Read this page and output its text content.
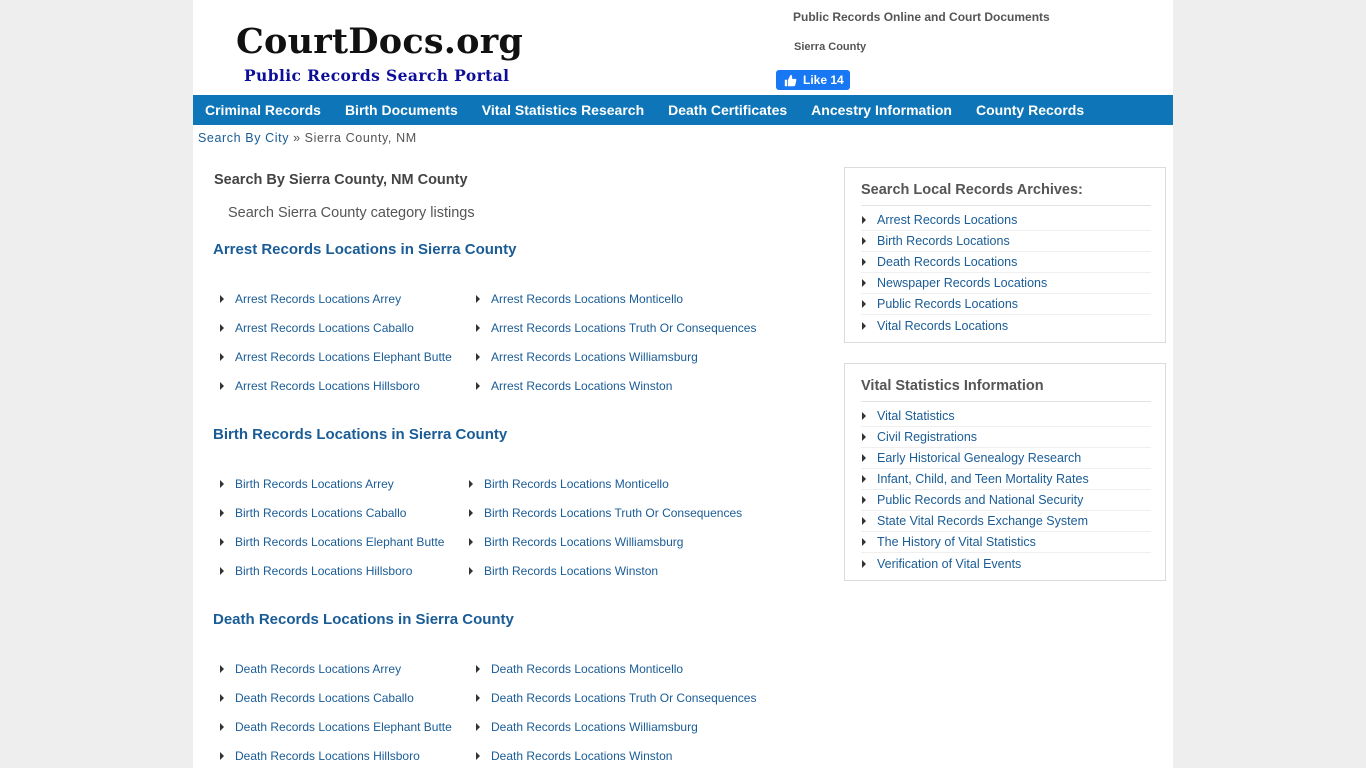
CourtDocs.org
Public Records Search Portal
Public Records Online and Court Documents
Sierra County
Like 14
Criminal Records Birth Documents Vital Statistics Research Death Certificates Ancestry Information County Records
Search By City » Sierra County, NM
Search By Sierra County, NM County
Search Sierra County category listings
Arrest Records Locations in Sierra County
Arrest Records Locations Arrey	Arrest Records Locations Monticello
Arrest Records Locations Caballo	Arrest Records Locations Truth Or Consequences
Arrest Records Locations Elephant Butte	Arrest Records Locations Williamsburg
Arrest Records Locations Hillsboro	Arrest Records Locations Winston
Birth Records Locations in Sierra County
Birth Records Locations Arrey	Birth Records Locations Monticello
Birth Records Locations Caballo	Birth Records Locations Truth Or Consequences
Birth Records Locations Elephant Butte	Birth Records Locations Williamsburg
Birth Records Locations Hillsboro	Birth Records Locations Winston
Death Records Locations in Sierra County
Death Records Locations Arrey	Death Records Locations Monticello
Death Records Locations Caballo	Death Records Locations Truth Or Consequences
Death Records Locations Elephant Butte	Death Records Locations Williamsburg
Death Records Locations Hillsboro	Death Records Locations Winston
Search Local Records Archives:
Arrest Records Locations
Birth Records Locations
Death Records Locations
Newspaper Records Locations
Public Records Locations
Vital Records Locations
Vital Statistics Information
Vital Statistics
Civil Registrations
Early Historical Genealogy Research
Infant, Child, and Teen Mortality Rates
Public Records and National Security
State Vital Records Exchange System
The History of Vital Statistics
Verification of Vital Events
